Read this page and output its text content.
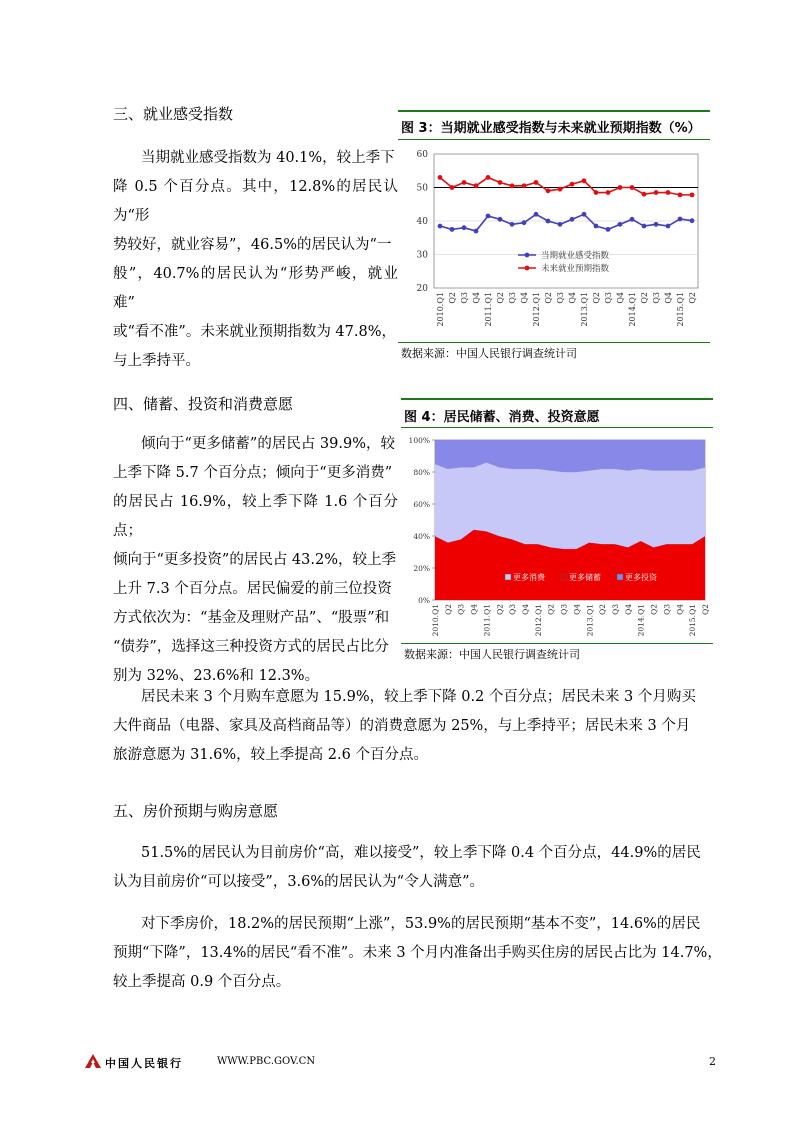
三、就业感受指数
当期就业感受指数为 40.1%，较上季下
降 0.5 个百分点。其中，12.8%的居民认为“形
势较好，就业容易”，46.5%的居民认为“一
般”，40.7%的居民认为“形势严峻，就业难”
或“看不准”。未来就业预期指数为 47.8%，
与上季持平。
图 3：当期就业感受指数与未来就业预期指数（%）
20
30
40
50
60
2010.Q1 Q2 Q3 Q4 2011.Q1 Q2 Q3 Q4 2012.Q1 Q2 Q3 Q4 2013.Q1 Q2 Q3 Q4 2014.Q1 Q2 Q3 Q4 2015.Q1 Q2
当期就业感受指数
未来就业预期指数
数据来源：中国人民银行调查统计司
四、储蓄、投资和消费意愿
倾向于“更多储蓄”的居民占 39.9%，较
上季下降 5.7 个百分点；倾向于“更多消费”
的居民占 16.9%，较上季下降 1.6 个百分点；
倾向于“更多投资”的居民占 43.2%，较上季
上升 7.3 个百分点。居民偏爱的前三位投资
方式依次为：“基金及理财产品”、“股票”和
“债券”，选择这三种投资方式的居民占比分
别为 32%、23.6%和 12.3%。
图 4：居民储蓄、消费、投资意愿
0%
20%
40%
60%
80%
100%
2010.Q1 Q2 Q3 Q4 2011.Q1 Q2 Q3 Q4 2012.Q1 Q2 Q3 Q4 2013.Q1 Q2 Q3 Q4 2014.Q1 Q2 Q3 Q4 2015.Q1 Q2
更多消费	更多储蓄	更多投资
数据来源：中国人民银行调查统计司
居民未来 3 个月购车意愿为 15.9%，较上季下降 0.2 个百分点；居民未来 3 个月购买
大件商品（电器、家具及高档商品等）的消费意愿为 25%，与上季持平；居民未来 3 个月
旅游意愿为 31.6%，较上季提高 2.6 个百分点。
五、房价预期与购房意愿
51.5%的居民认为目前房价“高，难以接受”，较上季下降 0.4 个百分点，44.9%的居民
认为目前房价“可以接受”，3.6%的居民认为“令人满意”。
对下季房价，18.2%的居民预期“上涨”，53.9%的居民预期“基本不变”，14.6%的居民
预期“下降”，13.4%的居民“看不准”。未来 3 个月内准备出手购买住房的居民占比为 14.7%，
较上季提高 0.9 个百分点。
中国人民银行	WWW.PBC.GOV.CN	2
